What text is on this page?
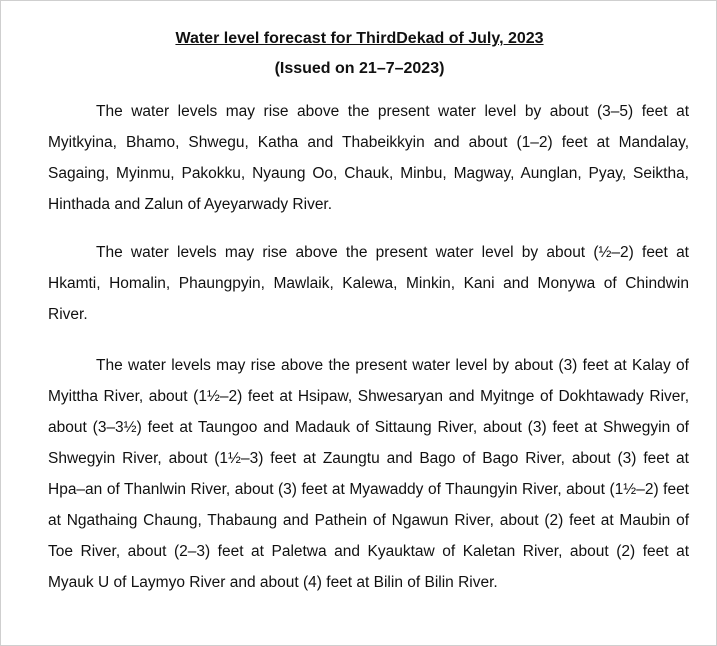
Water level forecast for ThirdDekad of July, 2023

(Issued on 21–7–2023)

The water levels may rise above the present water level by about (3–5) feet at Myitkyina, Bhamo, Shwegu, Katha and Thabeikkyin and about (1–2) feet at Mandalay, Sagaing, Myinmu, Pakokku, Nyaung Oo, Chauk, Minbu, Magway, Aunglan, Pyay, Seiktha, Hinthada and Zalun of Ayeyarwady River.

The water levels may rise above the present water level by about (½–2) feet at Hkamti, Homalin, Phaungpyin, Mawlaik, Kalewa, Minkin, Kani and Monywa of Chindwin River.

The water levels may rise above the present water level by about (3) feet at Kalay of Myittha River, about (1½–2) feet at Hsipaw, Shwesaryan and Myitnge of Dokhtawady River, about (3–3½) feet at Taungoo and Madauk of Sittaung River, about (3) feet at Shwegyin of Shwegyin River, about (1½–3) feet at Zaungtu and Bago of Bago River, about (3) feet at Hpa–an of Thanlwin River, about (3) feet at Myawaddy of Thaungyin River, about (1½–2) feet at Ngathaing Chaung, Thabaung and Pathein of Ngawun River, about (2) feet at Maubin of Toe River, about (2–3) feet at Paletwa and Kyauktaw of Kaletan River, about (2) feet at Myauk U of Laymyo River and about (4) feet at Bilin of Bilin River.
